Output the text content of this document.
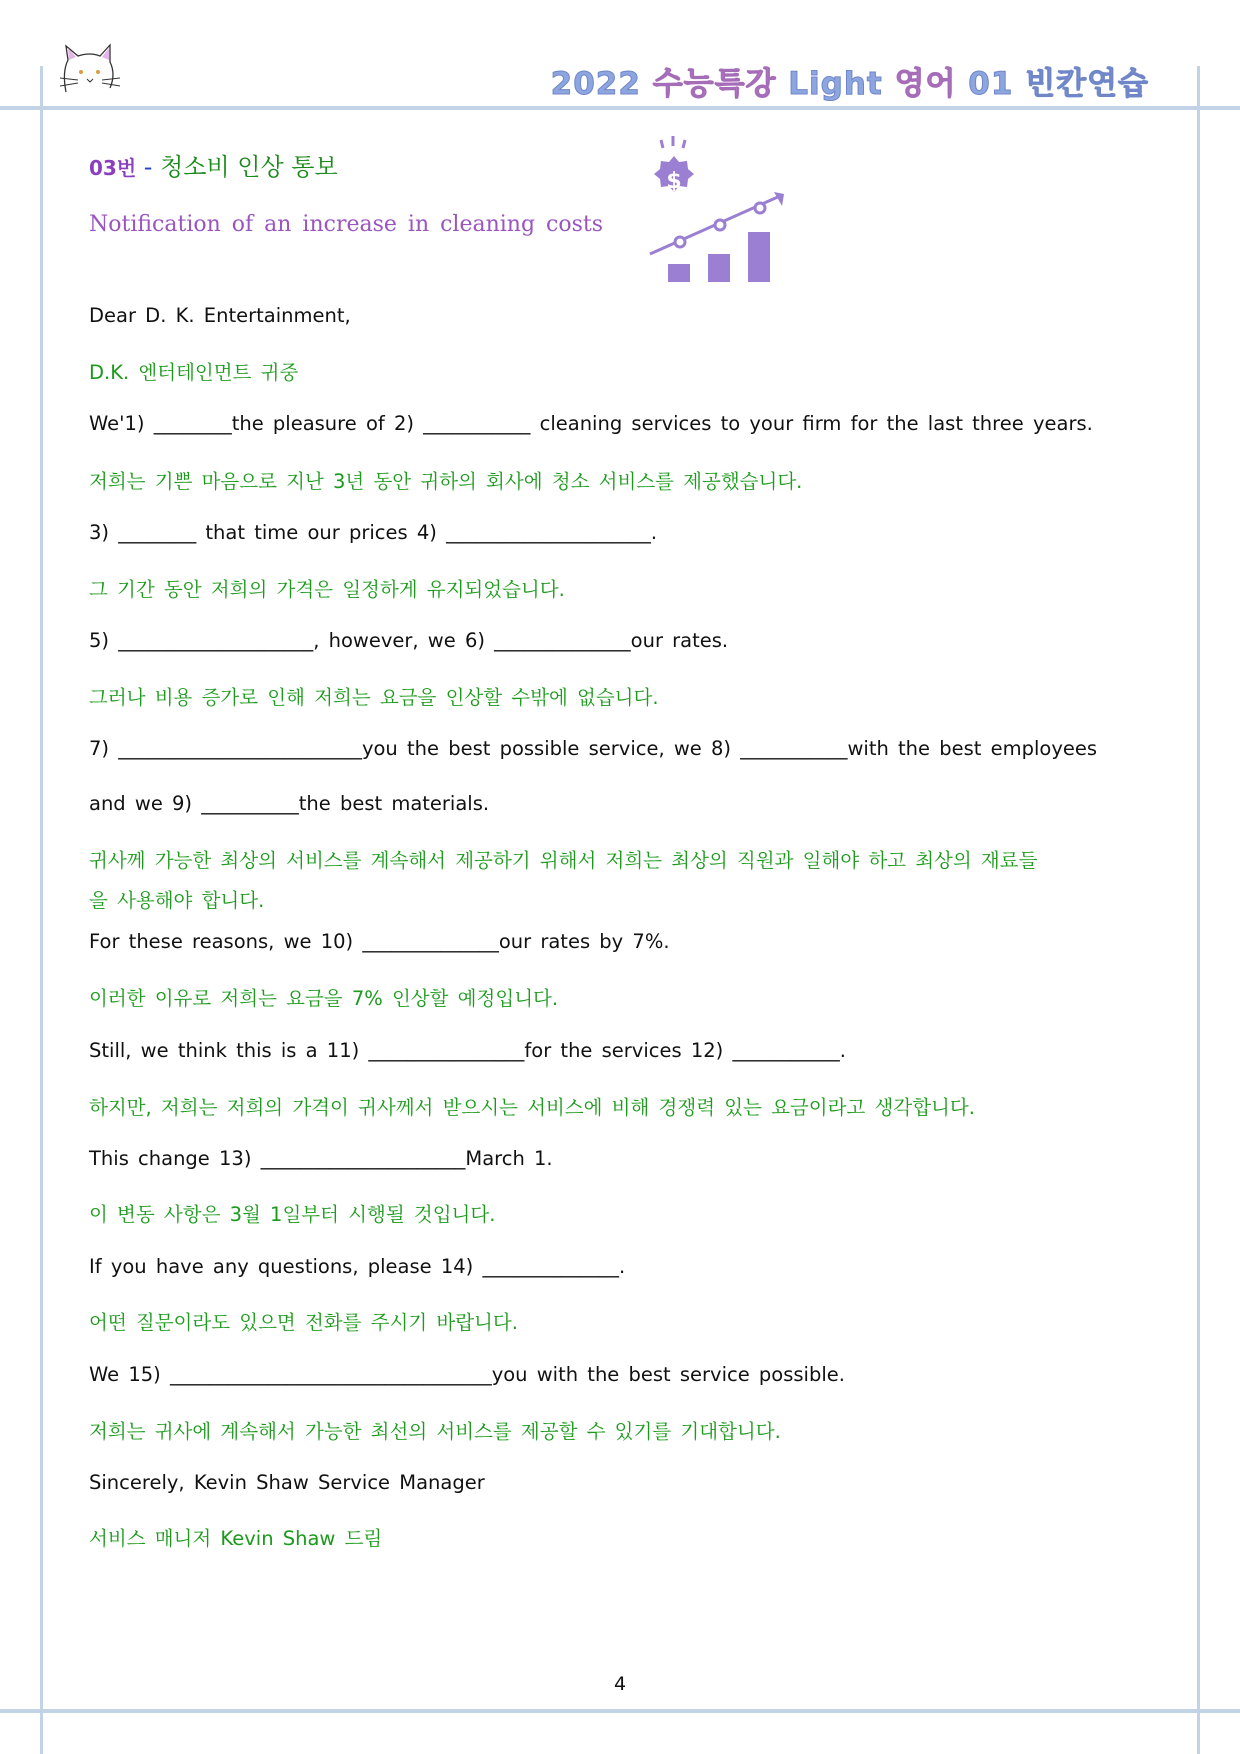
2022 수능특강 Light 영어 01 빈칸연습
03번 - 청소비 인상 통보
Notification of an increase in cleaning costs
$
Dear D. K. Entertainment,
D.K. 엔터테인먼트 귀중
We'1) ________the pleasure of 2) ___________ cleaning services to your firm for the last three years.
저희는 기쁜 마음으로 지난 3년 동안 귀하의 회사에 청소 서비스를 제공했습니다.
3) ________ that time our prices 4) _____________________.
그 기간 동안 저희의 가격은 일정하게 유지되었습니다.
5) ____________________, however, we 6) ______________our rates.
그러나 비용 증가로 인해 저희는 요금을 인상할 수밖에 없습니다.
7) _________________________you the best possible service, we 8) ___________with the best employees
and we 9) __________the best materials.
귀사께 가능한 최상의 서비스를 계속해서 제공하기 위해서 저희는 최상의 직원과 일해야 하고 최상의 재료들
을 사용해야 합니다.
For these reasons, we 10) ______________our rates by 7%.
이러한 이유로 저희는 요금을 7% 인상할 예정입니다.
Still, we think this is a 11) ________________for the services 12) ___________.
하지만, 저희는 저희의 가격이 귀사께서 받으시는 서비스에 비해 경쟁력 있는 요금이라고 생각합니다.
This change 13) _____________________March 1.
이 변동 사항은 3월 1일부터 시행될 것입니다.
If you have any questions, please 14) ______________.
어떤 질문이라도 있으면 전화를 주시기 바랍니다.
We 15) _________________________________you with the best service possible.
저희는 귀사에 계속해서 가능한 최선의 서비스를 제공할 수 있기를 기대합니다.
Sincerely, Kevin Shaw Service Manager
서비스 매니저 Kevin Shaw 드림
4
